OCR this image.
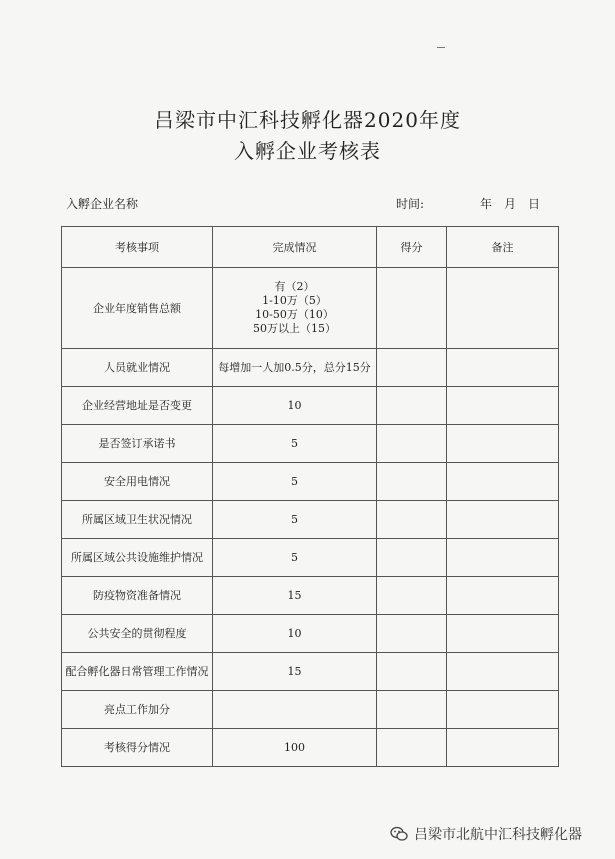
吕梁市中汇科技孵化器2020年度
入孵企业考核表
入孵企业名称	时间:	年　月　日
考核事项	完成情况	得分	备注
企业年度销售总额	有（2）
1-10万（5）
10-50万（10）
50万以上（15）		

人员就业情况	每增加一人加0.5分，总分15分		
企业经营地址是否变更	10		
是否签订承诺书	5		
安全用电情况	5		
所属区域卫生状况情况	5		
所属区域公共设施维护情况	5		
防疫物资准备情况	15		
公共安全的贯彻程度	10		
配合孵化器日常管理工作情况	15		
亮点工作加分			
考核得分情况	100		
吕梁市北航中汇科技孵化器
